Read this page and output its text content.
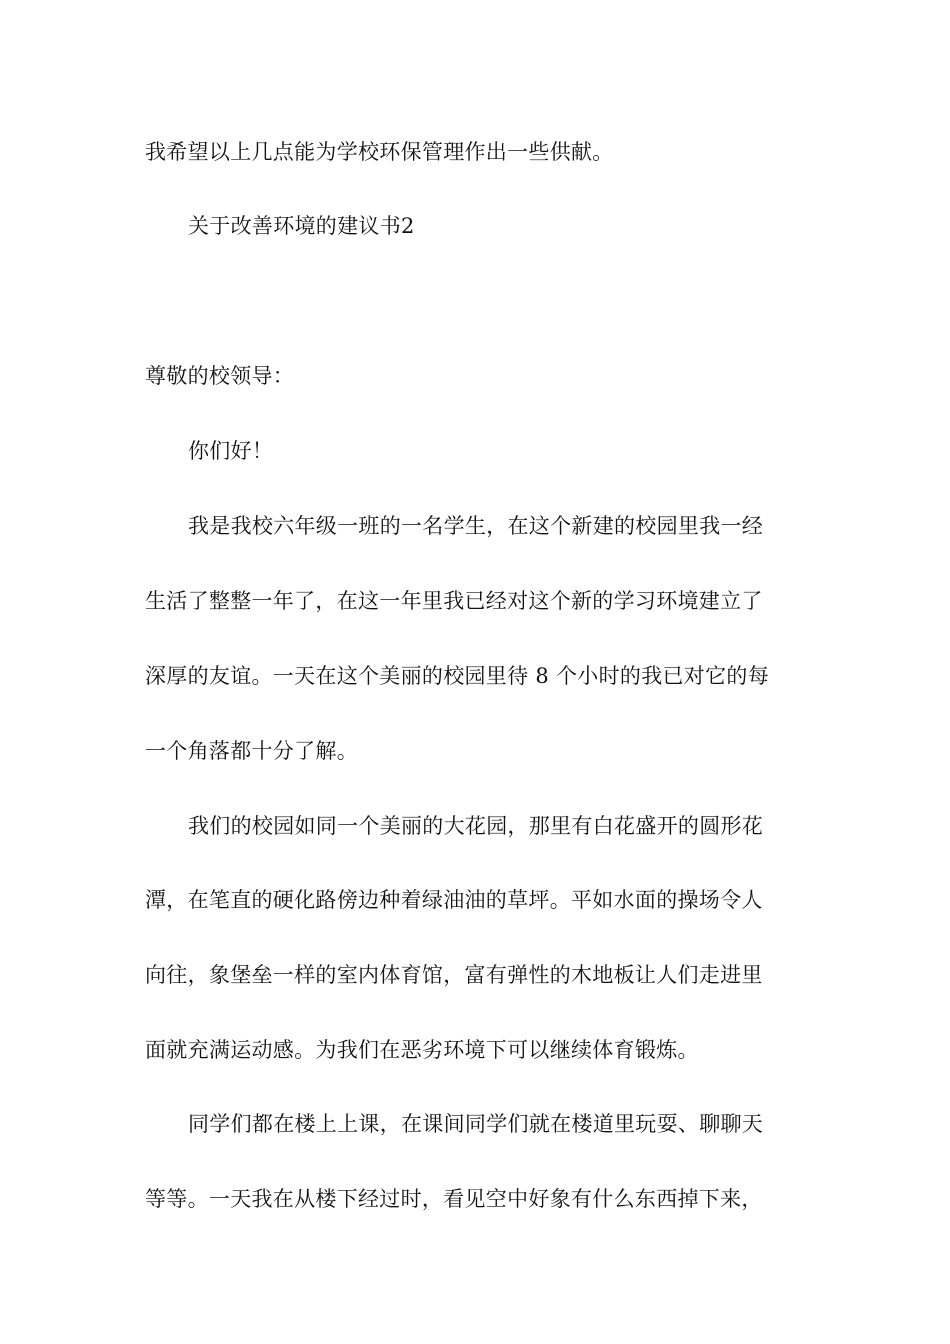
我希望以上几点能为学校环保管理作出一些供献。
关于改善环境的建议书2
尊敬的校领导：
你们好！
我是我校六年级一班的一名学生，在这个新建的校园里我一经
生活了整整一年了，在这一年里我已经对这个新的学习环境建立了
深厚的友谊。一天在这个美丽的校园里待 8 个小时的我已对它的每
一个角落都十分了解。
我们的校园如同一个美丽的大花园，那里有白花盛开的圆形花
潭，在笔直的硬化路傍边种着绿油油的草坪。平如水面的操场令人
向往，象堡垒一样的室内体育馆，富有弹性的木地板让人们走进里
面就充满运动感。为我们在恶劣环境下可以继续体育锻炼。
同学们都在楼上上课，在课间同学们就在楼道里玩耍、聊聊天
等等。一天我在从楼下经过时，看见空中好象有什么东西掉下来，
